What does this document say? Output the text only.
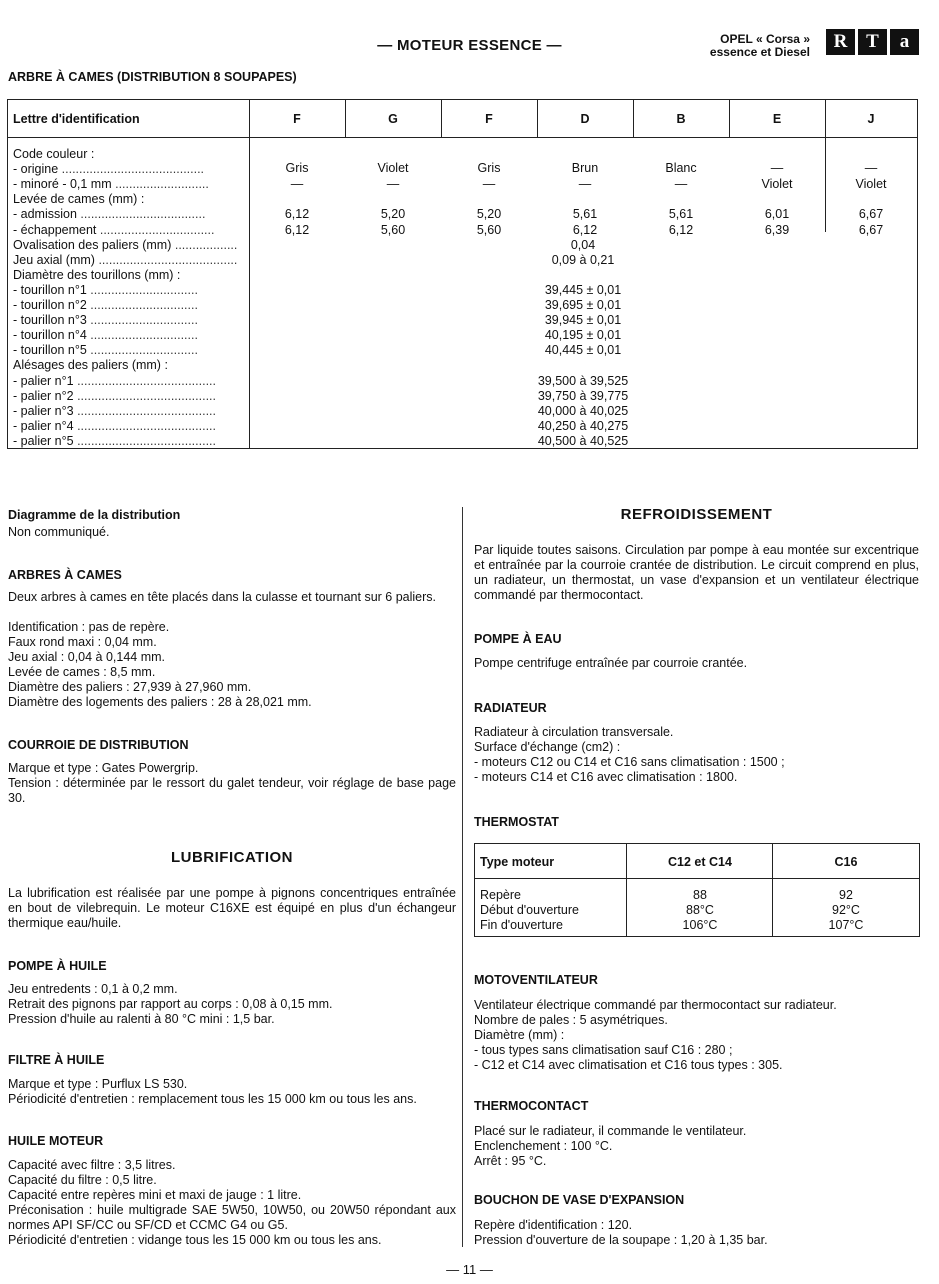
— MOTEUR ESSENCE —	OPEL « Corsa »
essence et Diesel	R T	a
ARBRE À CAMES (DISTRIBUTION 8 SOUPAPES)
Lettre d'identification	F	G	F	D	B	E	J
Code couleur :
- origine .........................................	Gris	Violet	Gris	Brun	Blanc	—	—
- minoré - 0,1 mm ...........................	—	—	—	—	—	Violet	Violet
Levée de cames (mm) :
- admission ....................................	6,12	5,20	5,20	5,61	5,61	6,01	6,67
- échappement .................................	6,12	5,60	5,60	6,12	6,12	6,39	6,67
Ovalisation des paliers (mm) ..................	0,04
Jeu axial (mm) ........................................	0,09 à 0,21
Diamètre des tourillons (mm) :
- tourillon n°1 ...............................	39,445 ± 0,01
- tourillon n°2 ...............................	39,695 ± 0,01
- tourillon n°3 ...............................	39,945 ± 0,01
- tourillon n°4 ...............................	40,195 ± 0,01
- tourillon n°5 ...............................	40,445 ± 0,01
Alésages des paliers (mm) :
- palier n°1 ........................................	39,500 à 39,525
- palier n°2 ........................................	39,750 à 39,775
- palier n°3 ........................................	40,000 à 40,025
- palier n°4 ........................................	40,250 à 40,275
- palier n°5 ........................................	40,500 à 40,525
Diagramme de la distribution
Non communiqué.
ARBRES À CAMES
Deux arbres à cames en tête placés dans la culasse et tournant sur 6 paliers.
Identification : pas de repère.
Faux rond maxi : 0,04 mm.
Jeu axial : 0,04 à 0,144 mm.
Levée de cames : 8,5 mm.
Diamètre des paliers : 27,939 à 27,960 mm.
Diamètre des logements des paliers : 28 à 28,021 mm.
COURROIE DE DISTRIBUTION
Marque et type : Gates Powergrip.
Tension : déterminée par le ressort du galet tendeur, voir réglage de base page 30.
LUBRIFICATION
La lubrification est réalisée par une pompe à pignons concentriques entraînée en bout de vilebrequin. Le moteur C16XE est équipé en plus d'un échangeur thermique eau/huile.
POMPE À HUILE
Jeu entredents : 0,1 à 0,2 mm.
Retrait des pignons par rapport au corps : 0,08 à 0,15 mm.
Pression d'huile au ralenti à 80 °C mini : 1,5 bar.
FILTRE À HUILE
Marque et type : Purflux LS 530.
Périodicité d'entretien : remplacement tous les 15 000 km ou tous les ans.
HUILE MOTEUR
Capacité avec filtre : 3,5 litres.
Capacité du filtre : 0,5 litre.
Capacité entre repères mini et maxi de jauge : 1 litre.
Préconisation : huile multigrade SAE 5W50, 10W50, ou 20W50 répondant aux normes API SF/CC ou SF/CD et CCMC G4 ou G5.
Périodicité d'entretien : vidange tous les 15 000 km ou tous les ans.
REFROIDISSEMENT
Par liquide toutes saisons. Circulation par pompe à eau montée sur excentrique et entraînée par la courroie crantée de distribution. Le circuit comprend en plus, un radiateur, un thermostat, un vase d'expansion et un ventilateur électrique commandé par thermocontact.
POMPE À EAU
Pompe centrifuge entraînée par courroie crantée.
RADIATEUR
Radiateur à circulation transversale.
Surface d'échange (cm2) :
- moteurs C12 ou C14 et C16 sans climatisation : 1500 ;
- moteurs C14 et C16 avec climatisation : 1800.
THERMOSTAT
Type moteur	C12 et C14	C16
Repère	88	92
Début d'ouverture	88°C	92°C
Fin d'ouverture	106°C	107°C
MOTOVENTILATEUR
Ventilateur électrique commandé par thermocontact sur radiateur.
Nombre de pales : 5 asymétriques.
Diamètre (mm) :
- tous types sans climatisation sauf C16 : 280 ;
- C12 et C14 avec climatisation et C16 tous types : 305.
THERMOCONTACT
Placé sur le radiateur, il commande le ventilateur.
Enclenchement : 100 °C.
Arrêt : 95 °C.
BOUCHON DE VASE D'EXPANSION
Repère d'identification : 120.
Pression d'ouverture de la soupape : 1,20 à 1,35 bar.
— 11 —
